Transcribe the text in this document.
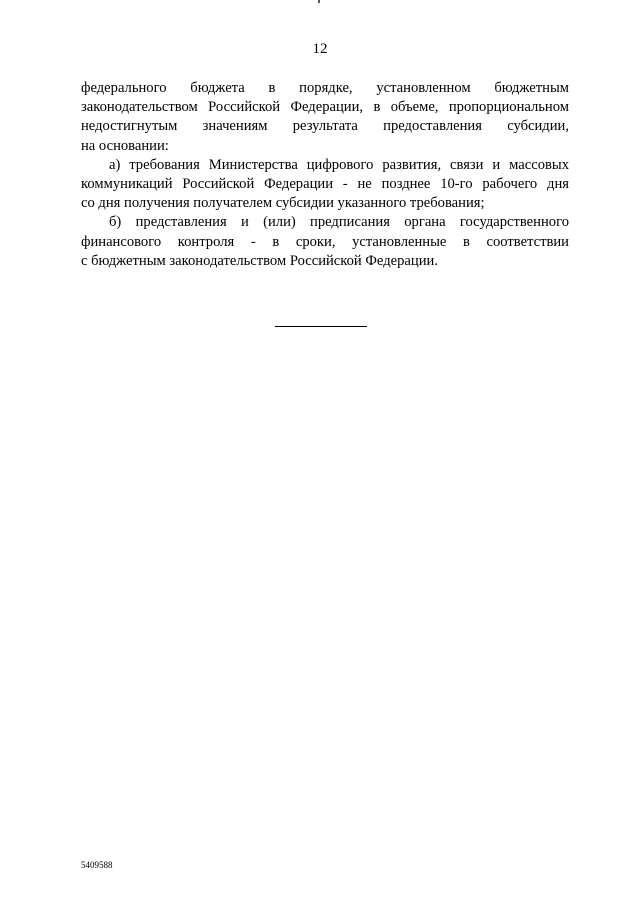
12

федерального бюджета в порядке, установленном бюджетным
законодательством Российской Федерации, в объеме, пропорциональном
недостигнутым значениям результата предоставления субсидии,
на основании:

а) требования Министерства цифрового развития, связи и массовых
коммуникаций Российской Федерации - не позднее 10-го рабочего дня
со дня получения получателем субсидии указанного требования;

б) представления и (или) предписания органа государственного
финансового контроля - в сроки, установленные в соответствии
с бюджетным законодательством Российской Федерации.

5409588
